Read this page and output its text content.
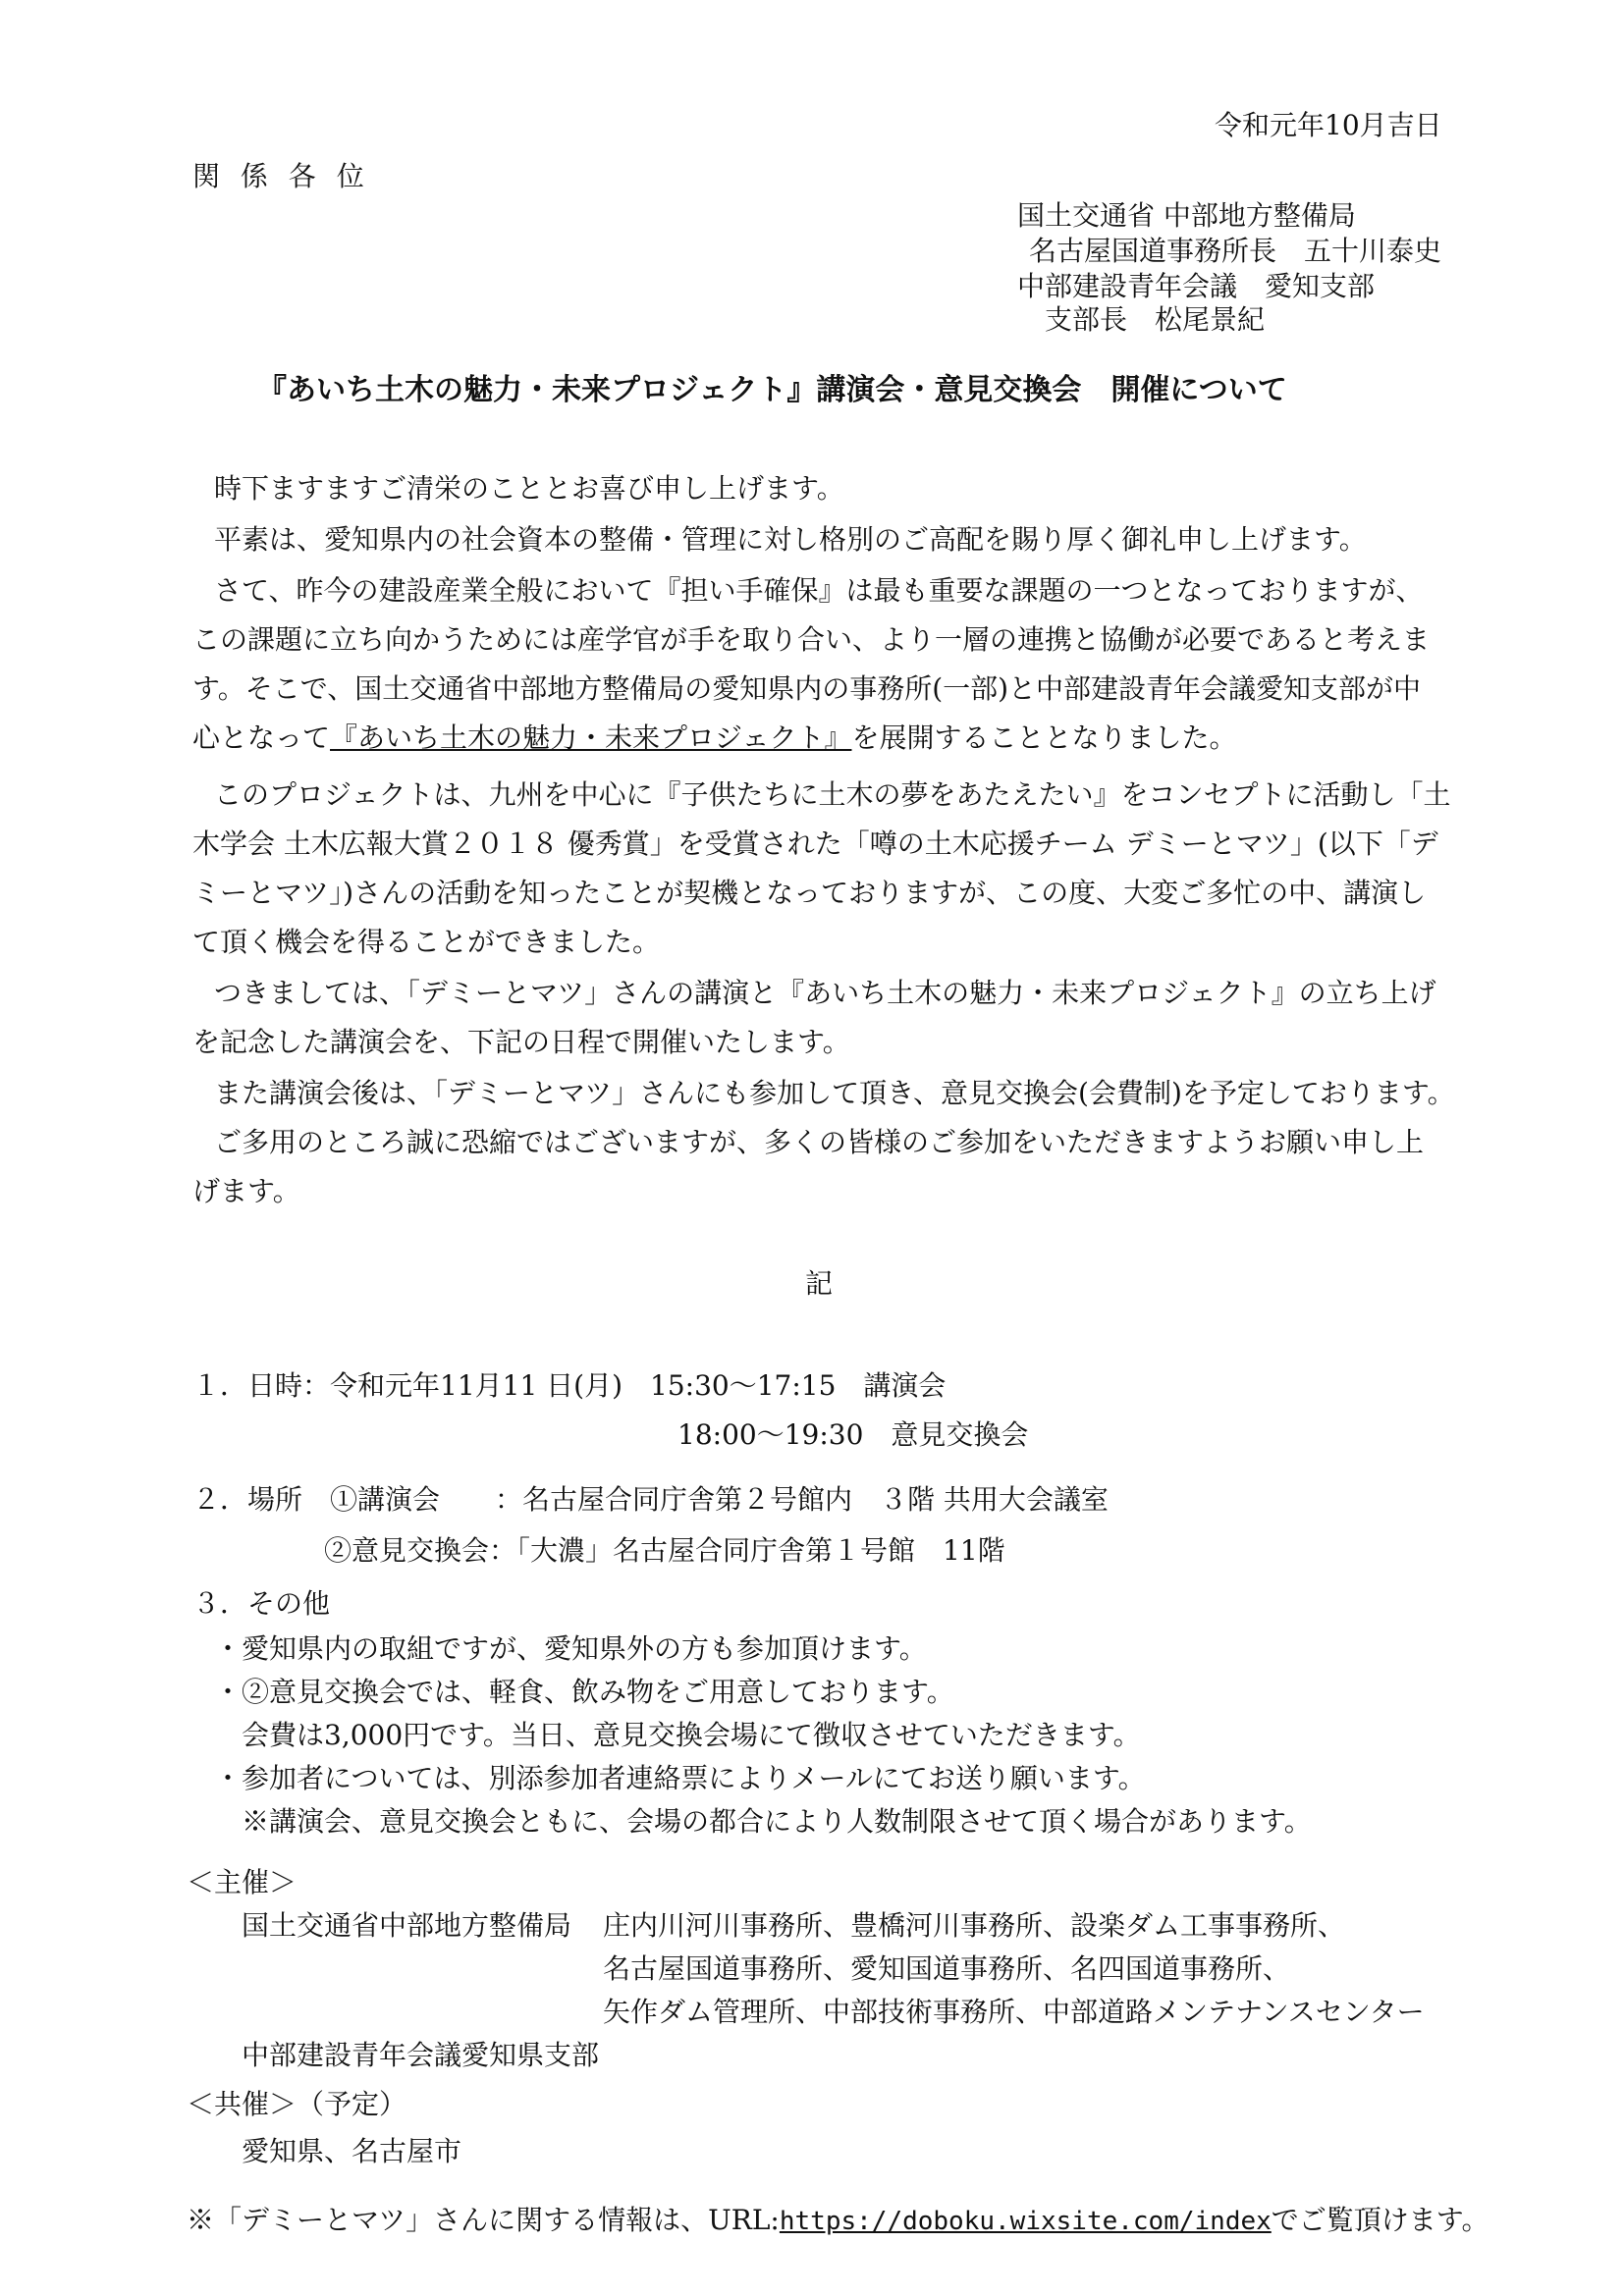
令和元年10月吉日
関 係 各 位
国土交通省 中部地方整備局
名古屋国道事務所長　五十川泰史
中部建設青年会議　愛知支部
支部長　松尾景紀
『あいち土木の魅力・未来プロジェクト』講演会・意見交換会　開催について
時下ますますご清栄のこととお喜び申し上げます。
平素は、愛知県内の社会資本の整備・管理に対し格別のご高配を賜り厚く御礼申し上げます。
さて、昨今の建設産業全般において『担い手確保』は最も重要な課題の一つとなっておりますが、
この課題に立ち向かうためには産学官が手を取り合い、より一層の連携と協働が必要であると考えま
す。そこで、国土交通省中部地方整備局の愛知県内の事務所(一部)と中部建設青年会議愛知支部が中
心となって『あいち土木の魅力・未来プロジェクト』を展開することとなりました。
このプロジェクトは、九州を中心に『子供たちに土木の夢をあたえたい』をコンセプトに活動し「土
木学会 土木広報大賞２０１８ 優秀賞」を受賞された「噂の土木応援チーム デミーとマツ」(以下「デ
ミーとマツ」)さんの活動を知ったことが契機となっておりますが、この度、大変ご多忙の中、講演し
て頂く機会を得ることができました。
つきましては、「デミーとマツ」さんの講演と『あいち土木の魅力・未来プロジェクト』の立ち上げ
を記念した講演会を、下記の日程で開催いたします。
また講演会後は、「デミーとマツ」さんにも参加して頂き、意見交換会(会費制)を予定しております。
ご多用のところ誠に恐縮ではございますが、多くの皆様のご参加をいただきますようお願い申し上
げます。
記
１．日時：令和元年11月11 日(月)　15:30～17:15　講演会
18:00～19:30　意見交換会
２．場所　①講演会　　：名古屋合同庁舎第２号館内　３階 共用大会議室
②意見交換会：「大濃」名古屋合同庁舎第１号館　11階
３．その他
・愛知県内の取組ですが、愛知県外の方も参加頂けます。
・②意見交換会では、軽食、飲み物をご用意しております。
会費は3,000円です。当日、意見交換会場にて徴収させていただきます。
・参加者については、別添参加者連絡票によりメールにてお送り願います。
※講演会、意見交換会ともに、会場の都合により人数制限させて頂く場合があります。
＜主催＞
国土交通省中部地方整備局 庄内川河川事務所、豊橋河川事務所、設楽ダム工事事務所、
名古屋国道事務所、愛知国道事務所、名四国道事務所、
矢作ダム管理所、中部技術事務所、中部道路メンテナンスセンター
中部建設青年会議愛知県支部
＜共催＞（予定）
愛知県、名古屋市
※「デミーとマツ」さんに関する情報は、URL:https://doboku.wixsite.com/indexでご覧頂けます。
